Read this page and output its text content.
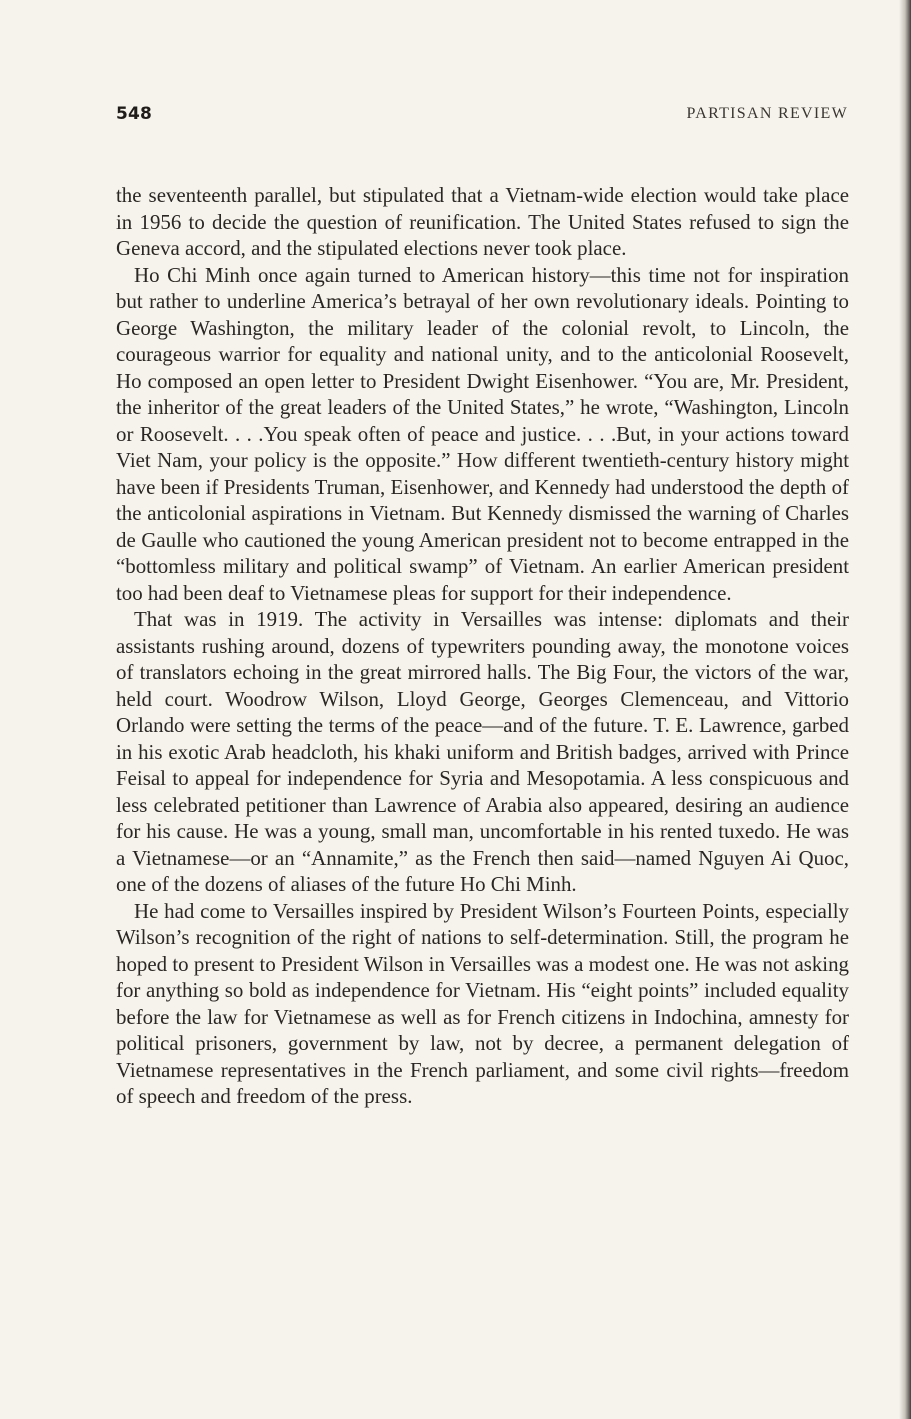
548	PARTISAN REVIEW

the seventeenth parallel, but stipulated that a Vietnam-wide election would take place in 1956 to decide the question of reunification. The United States refused to sign the Geneva accord, and the stipulated elections never took place.

Ho Chi Minh once again turned to American history—this time not for inspiration but rather to underline America’s betrayal of her own revolutionary ideals. Pointing to George Washington, the military leader of the colonial revolt, to Lincoln, the courageous warrior for equality and national unity, and to the anticolonial Roosevelt, Ho composed an open letter to President Dwight Eisenhower. “You are, Mr. President, the inheritor of the great leaders of the United States,” he wrote, “Washington, Lincoln or Roosevelt. . . .You speak often of peace and justice. . . .But, in your actions toward Viet Nam, your policy is the opposite.” How different twentieth-century history might have been if Presidents Truman, Eisenhower, and Kennedy had understood the depth of the anticolonial aspirations in Vietnam. But Kennedy dismissed the warning of Charles de Gaulle who cautioned the young American president not to become entrapped in the “bottomless military and political swamp” of Vietnam. An earlier American president too had been deaf to Vietnamese pleas for support for their independence.

That was in 1919. The activity in Versailles was intense: diplomats and their assistants rushing around, dozens of typewriters pounding away, the monotone voices of translators echoing in the great mirrored halls. The Big Four, the victors of the war, held court. Woodrow Wilson, Lloyd George, Georges Clemenceau, and Vittorio Orlando were setting the terms of the peace—and of the future. T. E. Lawrence, garbed in his exotic Arab headcloth, his khaki uniform and British badges, arrived with Prince Feisal to appeal for independence for Syria and Mesopotamia. A less conspicuous and less celebrated petitioner than Lawrence of Arabia also appeared, desiring an audience for his cause. He was a young, small man, uncomfortable in his rented tuxedo. He was a Vietnamese—or an “Annamite,” as the French then said—named Nguyen Ai Quoc, one of the dozens of aliases of the future Ho Chi Minh.

He had come to Versailles inspired by President Wilson’s Fourteen Points, especially Wilson’s recognition of the right of nations to self-determination. Still, the program he hoped to present to President Wilson in Versailles was a modest one. He was not asking for anything so bold as independence for Vietnam. His “eight points” included equality before the law for Vietnamese as well as for French citizens in Indochina, amnesty for political prisoners, government by law, not by decree, a permanent delegation of Vietnamese representatives in the French parliament, and some civil rights—freedom of speech and freedom of the press.
